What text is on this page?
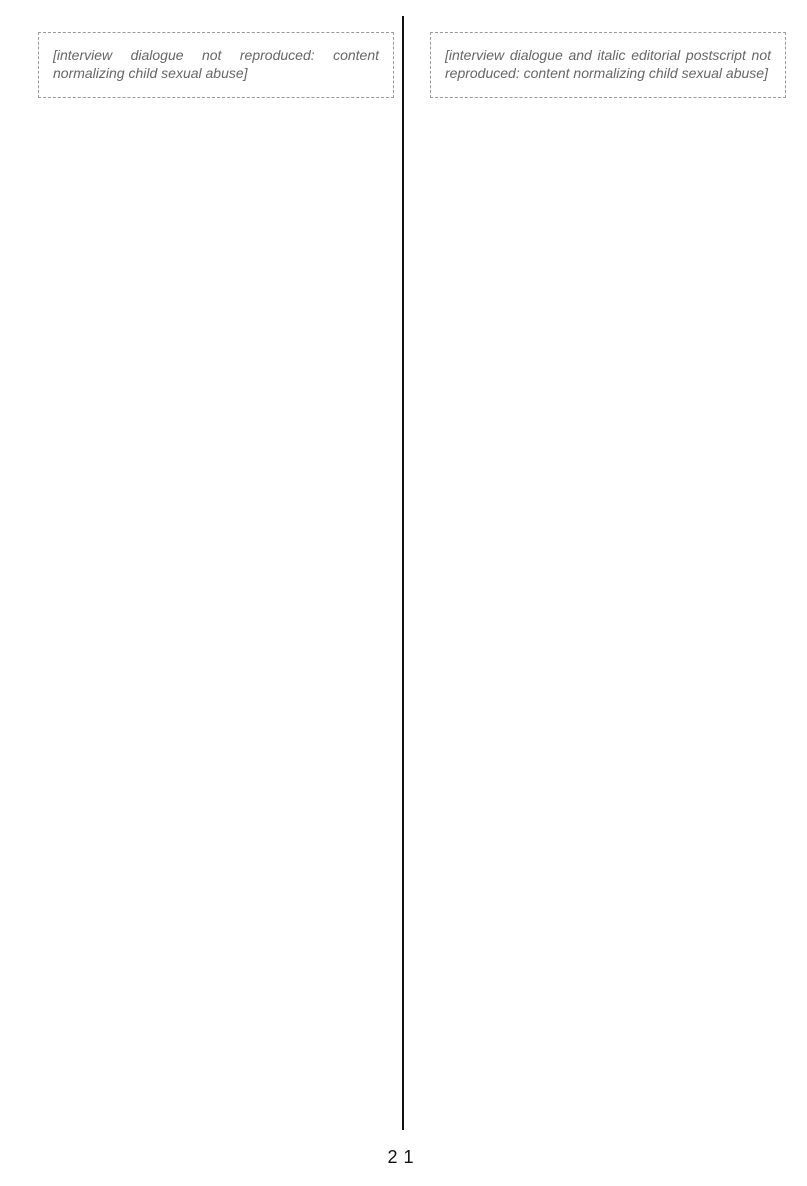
[interview dialogue not reproduced: content normalizing child sexual abuse]
[interview dialogue and italic editorial postscript not reproduced: content normalizing child sexual abuse]
21
